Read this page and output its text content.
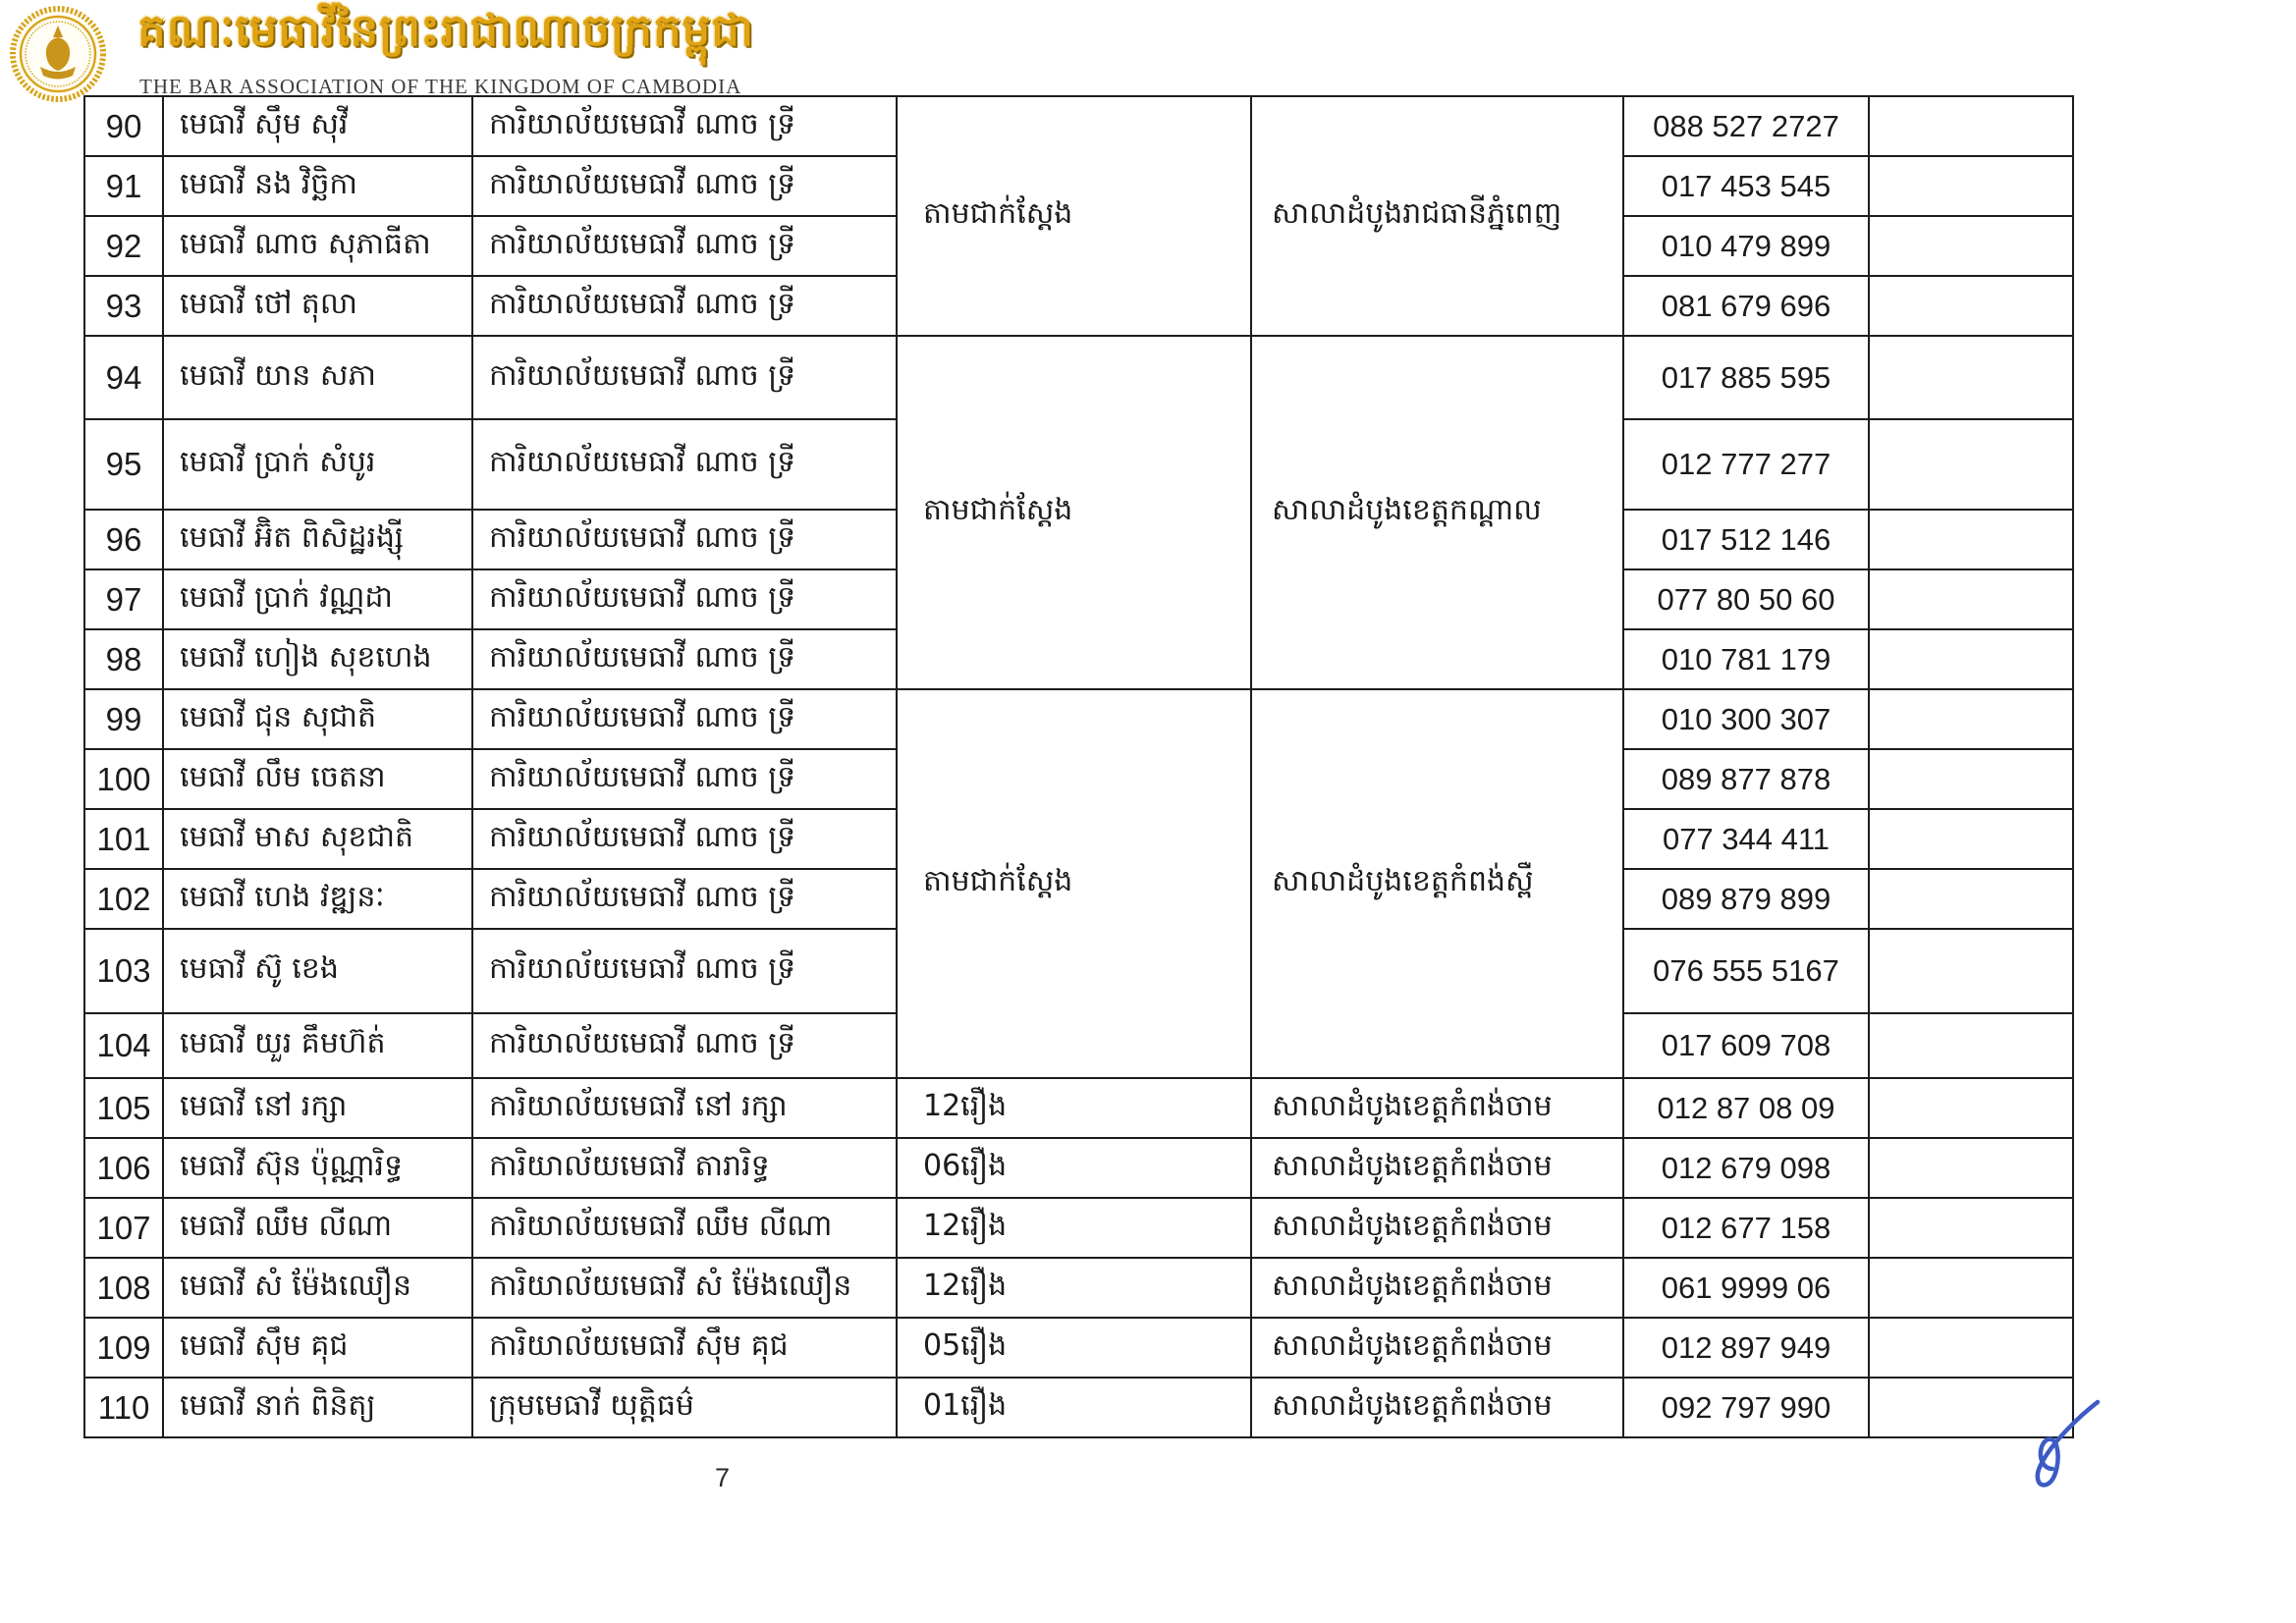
គណៈមេធាវីនៃព្រះរាជាណាចក្រកម្ពុជា
THE BAR ASSOCIATION OF THE KINGDOM OF CAMBODIA
90	មេធាវី ស៊ឹម សុវី	ការិយាល័យមេធាវី ណាច ទ្រី	តាមជាក់ស្តែង	សាលាដំបូងរាជធានីភ្នំពេញ	088 527 2727	
91	មេធាវី នង វិច្ឆិកា	ការិយាល័យមេធាវី ណាច ទ្រី			017 453 545	
92	មេធាវី ណាច សុភាធីតា	ការិយាល័យមេធាវី ណាច ទ្រី			010 479 899	
93	មេធាវី ថៅ តុលា	ការិយាល័យមេធាវី ណាច ទ្រី			081 679 696	
94	មេធាវី យាន សភា	ការិយាល័យមេធាវី ណាច ទ្រី	តាមជាក់ស្តែង	សាលាដំបូងខេត្តកណ្តាល	017 885 595	
95	មេធាវី ប្រាក់ សំបូរ	ការិយាល័យមេធាវី ណាច ទ្រី			012 777 277	
96	មេធាវី អ៊ិត ពិសិដ្ឋរង្ស៊ី	ការិយាល័យមេធាវី ណាច ទ្រី			017 512 146	
97	មេធាវី ប្រាក់ វណ្ណដា	ការិយាល័យមេធាវី ណាច ទ្រី			077 80 50 60	
98	មេធាវី ហៀង សុខហេង	ការិយាល័យមេធាវី ណាច ទ្រី			010 781 179	
99	មេធាវី ជុន សុជាតិ	ការិយាល័យមេធាវី ណាច ទ្រី	តាមជាក់ស្តែង	សាលាដំបូងខេត្តកំពង់ស្ពឺ	010 300 307	
100	មេធាវី លឹម ចេតនា	ការិយាល័យមេធាវី ណាច ទ្រី			089 877 878	
101	មេធាវី មាស សុខជាតិ	ការិយាល័យមេធាវី ណាច ទ្រី			077 344 411	
102	មេធាវី ហេង វឌ្ឍនៈ	ការិយាល័យមេធាវី ណាច ទ្រី			089 879 899	
103	មេធាវី ស៊ូ ខេង	ការិយាល័យមេធាវី ណាច ទ្រី			076 555 5167	
104	មេធាវី យួរ គឹមហ៊ត់	ការិយាល័យមេធាវី ណាច ទ្រី			017 609 708	
105	មេធាវី នៅ រក្សា	ការិយាល័យមេធាវី នៅ រក្សា	12រឿង	សាលាដំបូងខេត្តកំពង់ចាម	012 87 08 09	
106	មេធាវី ស៊ុន ប៉ុណ្ណារិទ្ធ	ការិយាល័យមេធាវី តារារិទ្ធ	06រឿង	សាលាដំបូងខេត្តកំពង់ចាម	012 679 098	
107	មេធាវី ឈឹម លីណា	ការិយាល័យមេធាវី ឈឹម លីណា	12រឿង	សាលាដំបូងខេត្តកំពង់ចាម	012 677 158	
108	មេធាវី សំ ម៉ែងឈឿន	ការិយាល័យមេធាវី សំ ម៉ែងឈឿន	12រឿង	សាលាដំបូងខេត្តកំពង់ចាម	061 9999 06	
109	មេធាវី ស៊ឹម គុជ	ការិយាល័យមេធាវី ស៊ឹម គុជ	05រឿង	សាលាដំបូងខេត្តកំពង់ចាម	012 897 949	
110	មេធាវី នាក់ ពិនិត្យ	ក្រុមមេធាវី យុត្តិធម៌	01រឿង	សាលាដំបូងខេត្តកំពង់ចាម	092 797 990	
7
